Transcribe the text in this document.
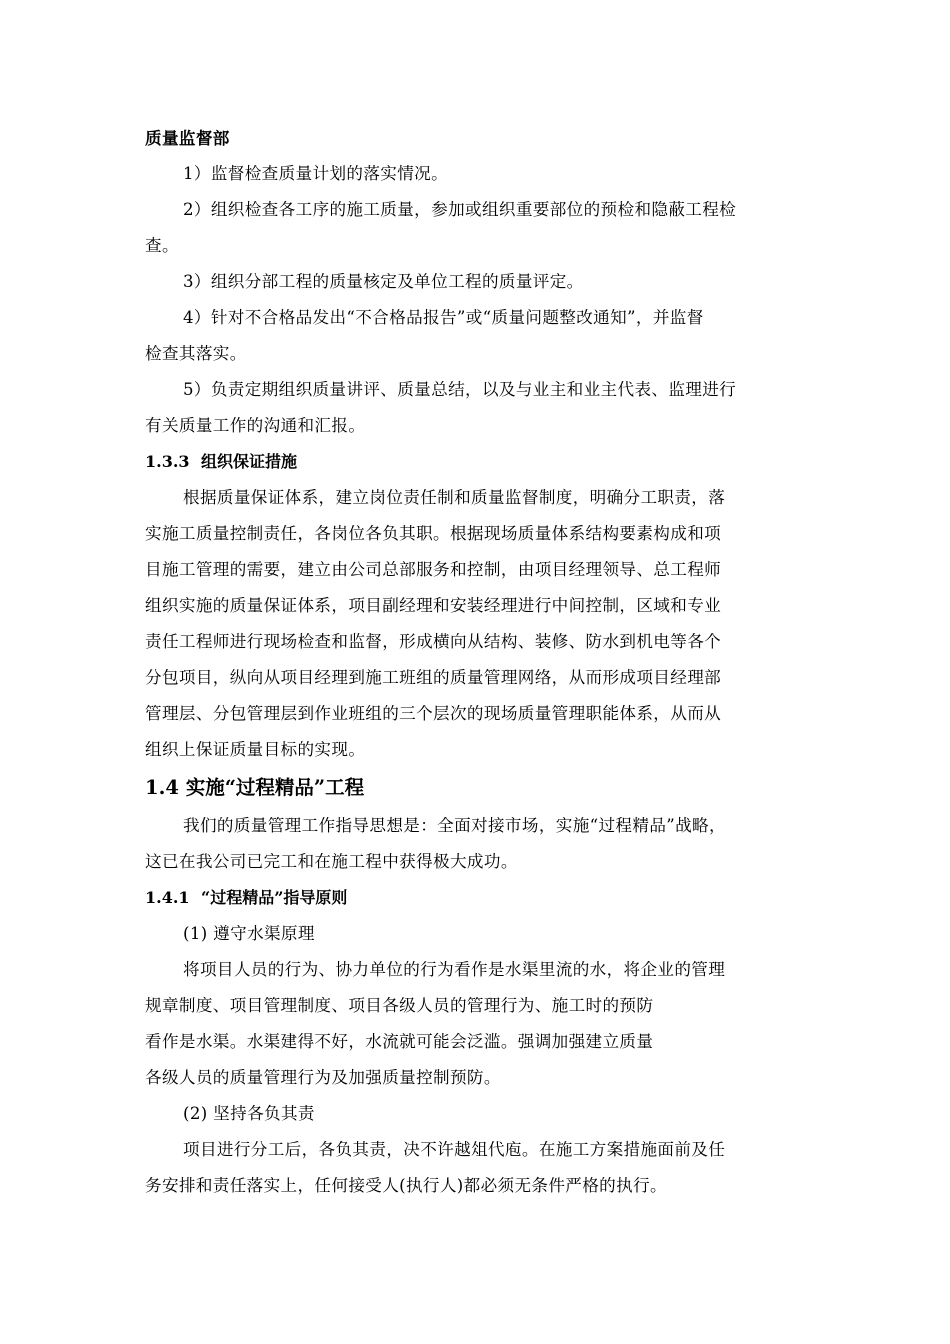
质量监督部
1）监督检查质量计划的落实情况。
2）组织检查各工序的施工质量，参加或组织重要部位的预检和隐蔽工程检
查。
3）组织分部工程的质量核定及单位工程的质量评定。
4）针对不合格品发出“不合格品报告”或“质量问题整改通知”，并监督
检查其落实。
5）负责定期组织质量讲评、质量总结，以及与业主和业主代表、监理进行
有关质量工作的沟通和汇报。
1.3.3 组织保证措施
根据质量保证体系，建立岗位责任制和质量监督制度，明确分工职责，落
实施工质量控制责任，各岗位各负其职。根据现场质量体系结构要素构成和项
目施工管理的需要，建立由公司总部服务和控制，由项目经理领导、总工程师
组织实施的质量保证体系，项目副经理和安装经理进行中间控制，区域和专业
责任工程师进行现场检查和监督，形成横向从结构、装修、防水到机电等各个
分包项目，纵向从项目经理到施工班组的质量管理网络，从而形成项目经理部
管理层、分包管理层到作业班组的三个层次的现场质量管理职能体系，从而从
组织上保证质量目标的实现。
1.4 实施“过程精品”工程
我们的质量管理工作指导思想是：全面对接市场，实施“过程精品”战略，
这已在我公司已完工和在施工程中获得极大成功。
1.4.1 “过程精品”指导原则
(1) 遵守水渠原理
将项目人员的行为、协力单位的行为看作是水渠里流的水，将企业的管理
规章制度、项目管理制度、项目各级人员的管理行为、施工时的预防
看作是水渠。水渠建得不好，水流就可能会泛滥。强调加强建立质量
各级人员的质量管理行为及加强质量控制预防。
(2) 坚持各负其责
项目进行分工后，各负其责，决不许越俎代庖。在施工方案措施面前及任
务安排和责任落实上，任何接受人(执行人)都必须无条件严格的执行。
